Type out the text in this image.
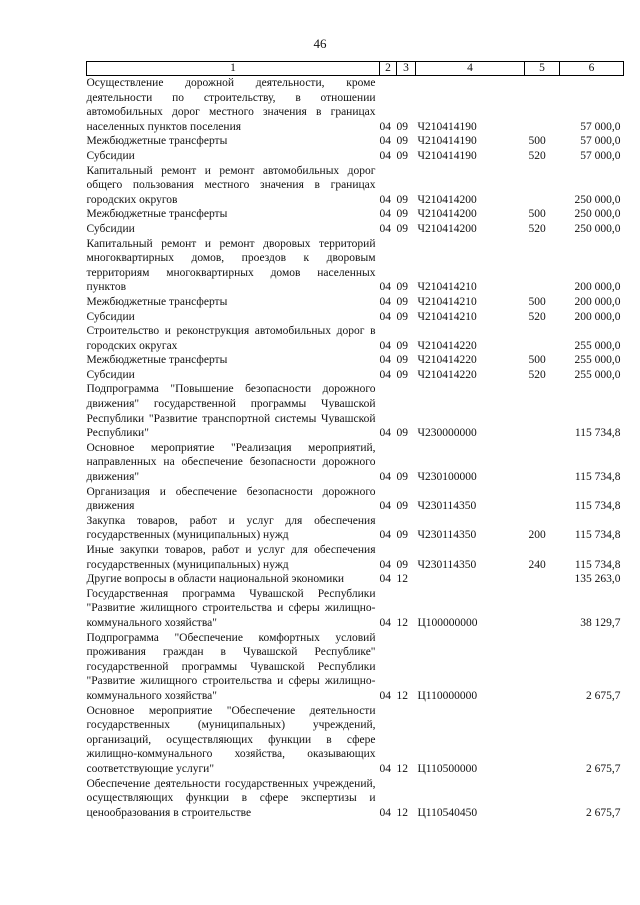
46
1	2	3	4	5	6
Осуществление дорожной деятельности, кроме деятельности по строительству, в отношении автомобильных дорог местного значения в границах населенных пунктов поселения	04	09	Ч210414190		57 000,0
Межбюджетные трансферты	04	09	Ч210414190	500	57 000,0
Субсидии	04	09	Ч210414190	520	57 000,0
Капитальный ремонт и ремонт автомобильных дорог общего пользования местного значения в границах городских округов	04	09	Ч210414200		250 000,0
Межбюджетные трансферты	04	09	Ч210414200	500	250 000,0
Субсидии	04	09	Ч210414200	520	250 000,0
Капитальный ремонт и ремонт дворовых территорий многоквартирных домов, проездов к дворовым территориям многоквартирных домов населенных пунктов	04	09	Ч210414210		200 000,0
Межбюджетные трансферты	04	09	Ч210414210	500	200 000,0
Субсидии	04	09	Ч210414210	520	200 000,0
Строительство и реконструкция автомобильных дорог в городских округах	04	09	Ч210414220		255 000,0
Межбюджетные трансферты	04	09	Ч210414220	500	255 000,0
Субсидии	04	09	Ч210414220	520	255 000,0
Подпрограмма "Повышение безопасности дорожного движения" государственной программы Чувашской Республики "Развитие транспортной системы Чувашской Республики"	04	09	Ч230000000		115 734,8
Основное мероприятие "Реализация мероприятий, направленных на обеспечение безопасности дорожного движения"	04	09	Ч230100000		115 734,8
Организация и обеспечение безопасности дорожного движения	04	09	Ч230114350		115 734,8
Закупка товаров, работ и услуг для обеспечения государственных (муниципальных) нужд	04	09	Ч230114350	200	115 734,8
Иные закупки товаров, работ и услуг для обеспечения государственных (муниципальных) нужд	04	09	Ч230114350	240	115 734,8
Другие вопросы в области национальной экономики	04	12			135 263,0
Государственная программа Чувашской Республики "Развитие жилищного строительства и сферы жилищно-коммунального хозяйства"	04	12	Ц100000000		38 129,7
Подпрограмма "Обеспечение комфортных условий проживания граждан в Чувашской Республике" государственной программы Чувашской Республики "Развитие жилищного строительства и сферы жилищно-коммунального хозяйства"	04	12	Ц110000000		2 675,7
Основное мероприятие "Обеспечение деятельности государственных (муниципальных) учреждений, организаций, осуществляющих функции в сфере жилищно-коммунального хозяйства, оказывающих соответствующие услуги"	04	12	Ц110500000		2 675,7
Обеспечение деятельности государственных учреждений, осуществляющих функции в сфере экспертизы и ценообразования в строительстве	04	12	Ц110540450		2 675,7
